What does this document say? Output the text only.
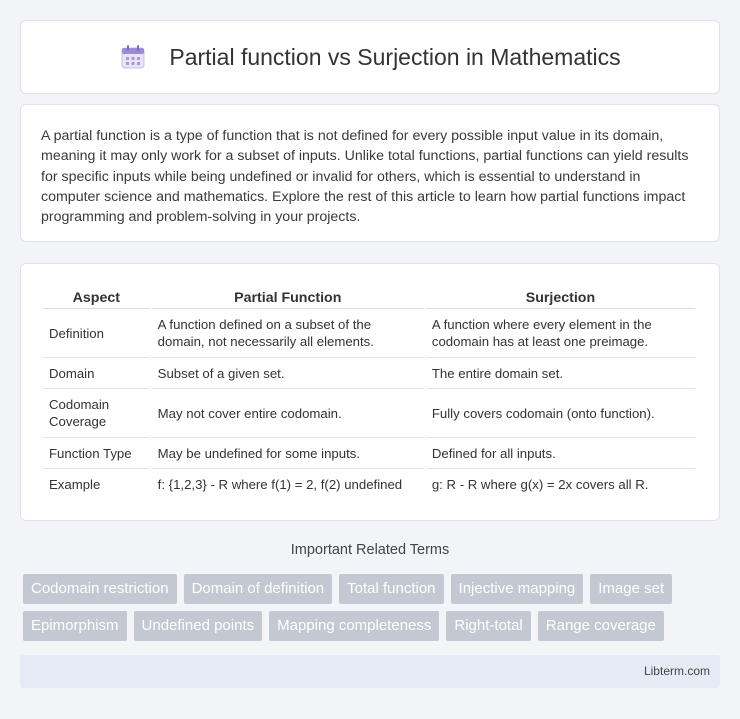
Partial function vs Surjection in Mathematics

A partial function is a type of function that is not defined for every possible input value in its domain, meaning it may only work for a subset of inputs. Unlike total functions, partial functions can yield results for specific inputs while being undefined or invalid for others, which is essential to understand in computer science and mathematics. Explore the rest of this article to learn how partial functions impact programming and problem-solving in your projects.

Aspect	Partial Function	Surjection
Definition	A function defined on a subset of the domain, not necessarily all elements.	A function where every element in the codomain has at least one preimage.
Domain	Subset of a given set.	The entire domain set.
Codomain Coverage	May not cover entire codomain.	Fully covers codomain (onto function).
Function Type	May be undefined for some inputs.	Defined for all inputs.
Example	f: {1,2,3} - R where f(1) = 2, f(2) undefined	g: R - R where g(x) = 2x covers all R.
Important Related Terms
Codomain restriction	Domain of definition	Total function	Injective mapping	Image set
Epimorphism	Undefined points	Mapping completeness	Right-total	Range coverage
Libterm.com
